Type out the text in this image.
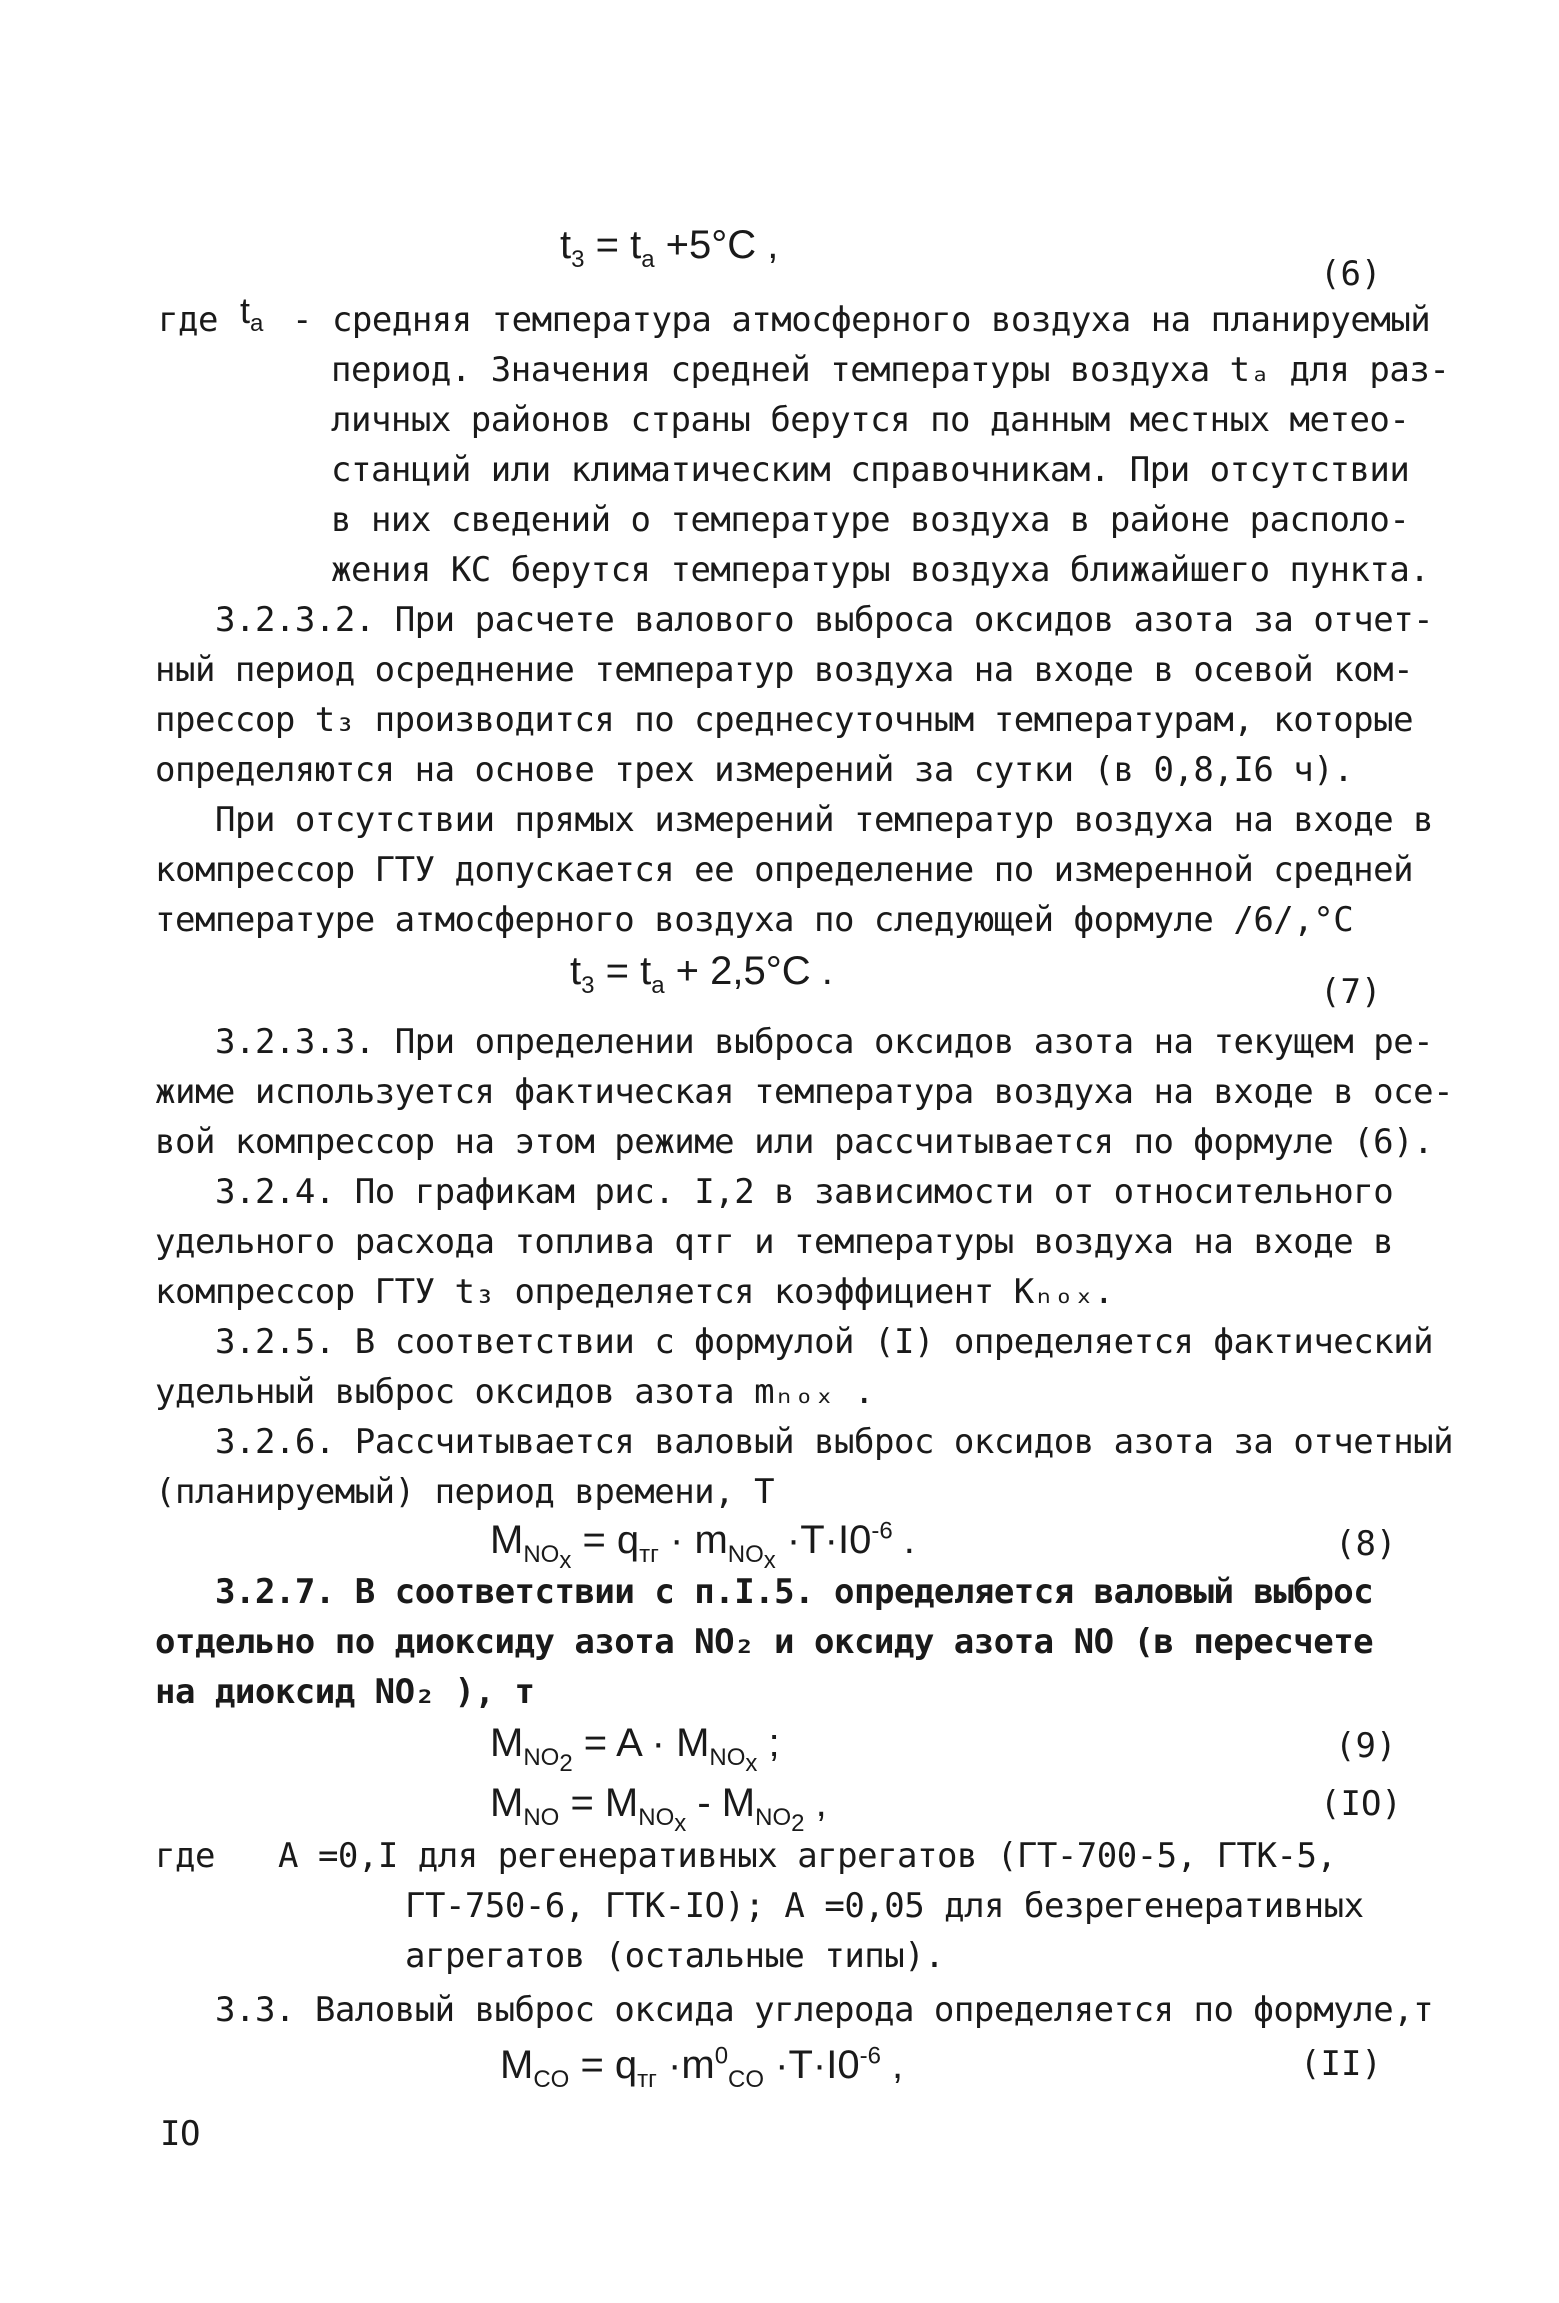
$t_3 = t_a +5^\circ C$ ,
(6)
где $t_a$ - средняя температура атмосферного воздуха на планируемый
период. Значения средней температуры воздуха tₐ для раз-
личных районов страны берутся по данным местных метео-
станций или климатическим справочникам. При отсутствии
в них сведений о температуре воздуха в районе располо-
жения КС берутся температуры воздуха ближайшего пункта.
3.2.3.2. При расчете валового выброса оксидов азота за отчет-
ный период осреднение температур воздуха на входе в осевой ком-
прессор t₃ производится по среднесуточным температурам, которые
определяются на основе трех измерений за сутки (в 0,8,I6 ч).
При отсутствии прямых измерений температур воздуха на входе в
компрессор ГТУ допускается ее определение по измеренной средней
температуре атмосферного воздуха по следующей формуле /6/,°С
$t_3 = t_a + 2,5^\circ C$ .	(7)
3.2.3.3. При определении выброса оксидов азота на текущем ре-
жиме используется фактическая температура воздуха на входе в осе-
вой компрессор на этом режиме или рассчитывается по формуле (6).
3.2.4. По графикам рис. I,2 в зависимости от относительного
удельного расхода топлива qтг и температуры воздуха на входе в
компрессор ГТУ t₃ определяется коэффициент Kₙₒₓ.
3.2.5. В соответствии с формулой (I) определяется фактический
удельный выброс оксидов азота mₙₒₓ .
3.2.6. Рассчитывается валовый выброс оксидов азота за отчетный
(планируемый) период времени, Т
$M_{NO_x} = q_{тг} \cdot m_{NO_x} \cdot T\cdot I0^{-6}$ .	(8)
3.2.7. В соответствии с п.I.5. определяется валовый выброс
отдельно по диоксиду азота NO₂ и оксиду азота NO (в пересчете
на диоксид NO₂ ), т
$M_{NO_2} = A \cdot M_{NO_x}$ ;	(9)
$M_{NO} = M_{NO_x} - M_{NO_2}$ ,	(IO)
где A =0,I для регенеративных агрегатов (ГТ-700-5, ГТК-5,
ГТ-750-6, ГТК-IO); A =0,05 для безрегенеративных
агрегатов (остальные типы).
3.3. Валовый выброс оксида углерода определяется по формуле,т
$M_{CO} = q_{тг} \cdot m^0_{CO} \cdot T\cdot I0^{-6}$ ,	(II)
IO
